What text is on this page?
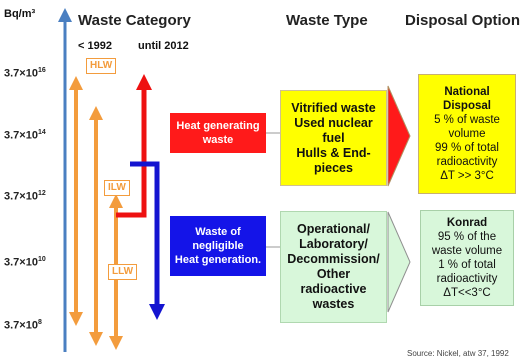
Bq/m³	Waste Category	Waste Type Disposal Option
< 1992 until 2012
$3.7\times 10^{16}$
$3.7\times 10^{14}$
$3.7\times 10^{12}$
$3.7\times 10^{10}$
$3.7\times 10^8$
HLW
ILW
LLW
Heat generating
waste
Waste of
negligible
Heat generation.
Vitrified waste
Used nuclear
fuel
Hulls & End-
pieces
Operational/
Laboratory/
Decommission/
Other
radioactive
wastes
National
Disposal
5 % of waste
volume
99 % of total
radioactivity
ΔT >> 3°C
Konrad
95 % of the
waste volume
1 % of total
radioactivity
ΔT<<3°C
Source: Nickel, atw 37, 1992
